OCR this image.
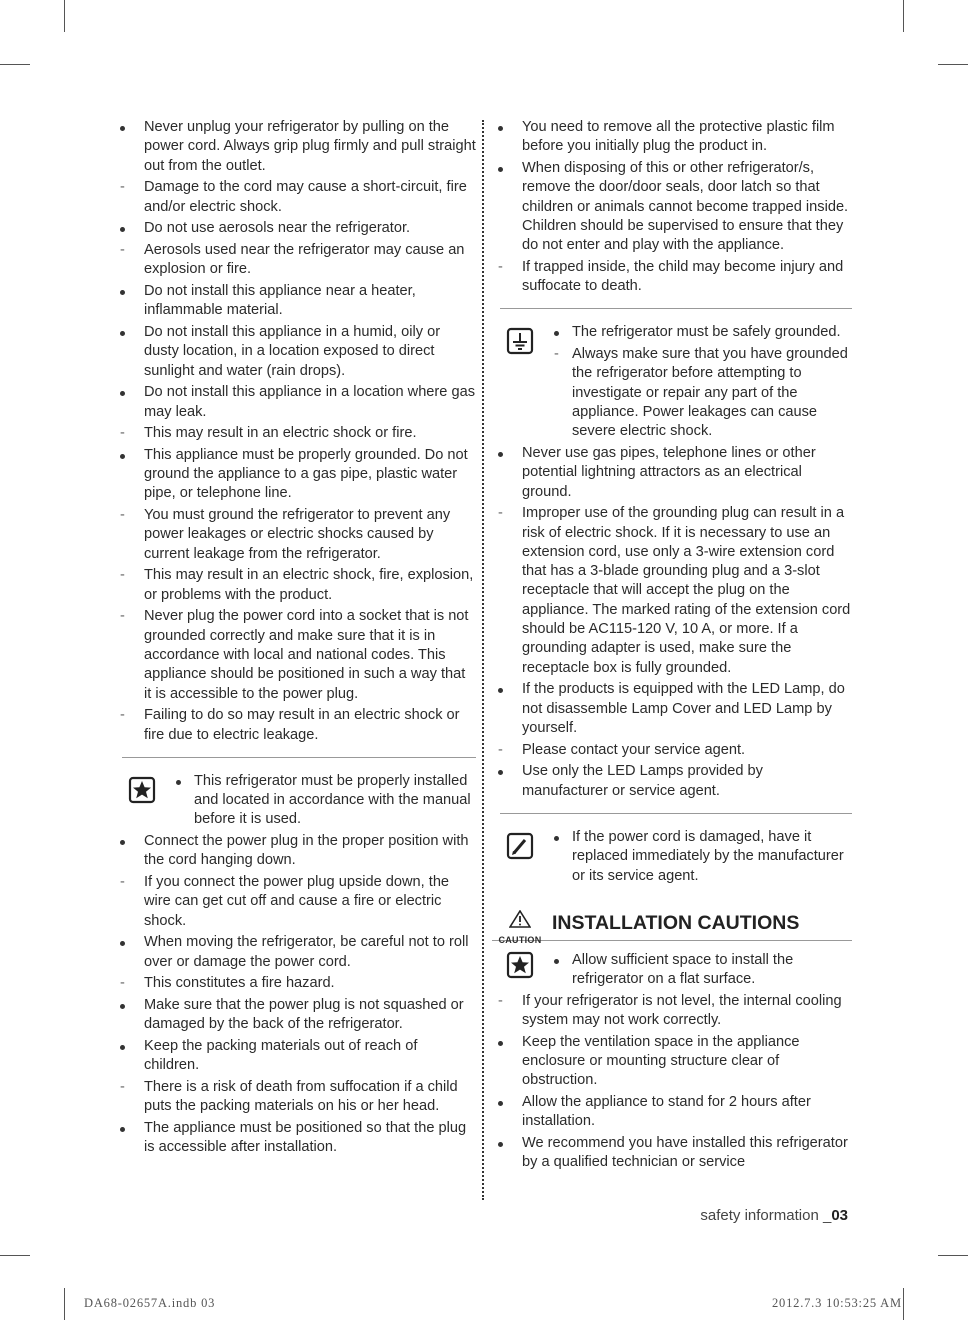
Never unplug your refrigerator by pulling on the power cord. Always grip plug firmly and pull straight out from the outlet.
-	Damage to the cord may cause a short-circuit, fire and/or electric shock.
Do not use aerosols near the refrigerator.
-	Aerosols used near the refrigerator may cause an explosion or fire.
Do not install this appliance near a heater, inflammable material.
Do not install this appliance in a humid, oily or dusty location, in a location exposed to direct sunlight and water (rain drops).
Do not install this appliance in a location where gas may leak.
-	This may result in an electric shock or fire.
This appliance must be properly grounded. Do not ground the appliance to a gas pipe, plastic water pipe, or telephone line.
-	You must ground the refrigerator to prevent any power leakages or electric shocks caused by current leakage from the refrigerator.
-	This may result in an electric shock, fire, explosion, or problems with the product.
-	Never plug the power cord into a socket that is not grounded correctly and make sure that it is in accordance with local and national codes. This appliance should be positioned in such a way that it is accessible to the power plug.
-	Failing to do so may result in an electric shock or fire due to electric leakage.
This refrigerator must be properly installed and located in accordance with the manual before it is used.
Connect the power plug in the proper position with the cord hanging down.
-	If you connect the power plug upside down, the wire can get cut off and cause a fire or electric shock.
When moving the refrigerator, be careful not to roll over or damage the power cord.
-	This constitutes a fire hazard.
Make sure that the power plug is not squashed or damaged by the back of the refrigerator.
Keep the packing materials out of reach of children.
-	There is a risk of death from suffocation if a child puts the packing materials on his or her head.
The appliance must be positioned so that the plug is accessible after installation.
You need to remove all the protective plastic film before you initially plug the product in.
When disposing of this or other refrigerator/s, remove the door/door seals, door latch so that children or animals cannot become trapped inside. Children should be supervised to ensure that they do not enter and play with the appliance.
-	If trapped inside, the child may become injury and suffocate to death.
The refrigerator must be safely grounded.
- Always make sure that you have grounded the refrigerator before attempting to investigate or repair any part of the appliance. Power leakages can cause severe electric shock.
Never use gas pipes, telephone lines or other potential lightning attractors as an electrical ground.
-	Improper use of the grounding plug can result in a risk of electric shock. If it is necessary to use an extension cord, use only a 3-wire extension cord that has a 3-blade grounding plug and a 3-slot receptacle that will accept the plug on the appliance. The marked rating of the extension cord should be AC115-120 V, 10 A, or more. If a grounding adapter is used, make sure the receptacle box is fully grounded.
If the products is equipped with the LED Lamp, do not disassemble Lamp Cover and LED Lamp by yourself.
-	Please contact your service agent.
Use only the LED Lamps provided by manufacturer or service agent.
If the power cord is damaged, have it replaced immediately by the manufacturer or its service agent.
CAUTION
INSTALLATION CAUTIONS
Allow sufficient space to install the refrigerator on a flat surface.
-	If your refrigerator is not level, the internal cooling system may not work correctly.
Keep the ventilation space in the appliance enclosure or mounting structure clear of obstruction.
Allow the appliance to stand for 2 hours after installation.
We recommend you have installed this refrigerator by a qualified technician or service
safety information _03
DA68-02657A.indb 03	2012.7.3 10:53:25 AM
